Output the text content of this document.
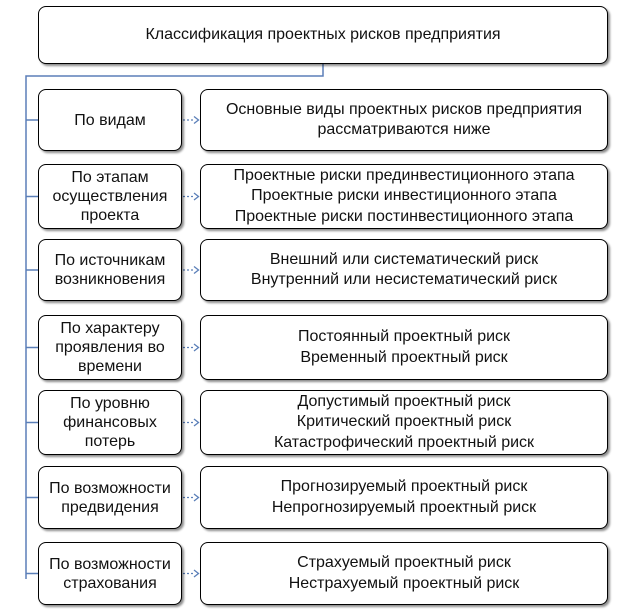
Классификация проектных рисков предприятия
По видам
Основные виды проектных рисков предприятия
рассматриваются ниже
По этапам
осуществления
проекта
Проектные риски прединвестиционного этапа
Проектные риски инвестиционного этапа
Проектные риски постинвестиционного этапа
По источникам
возникновения
Внешний или систематический риск
Внутренний или несистематический риск
По характеру
проявления во
времени
Постоянный проектный риск
Временный проектный риск
По уровню
финансовых
потерь
Допустимый проектный риск
Критический проектный риск
Катастрофический проектный риск
По возможности
предвидения
Прогнозируемый проектный риск
Непрогнозируемый проектный риск
По возможности
страхования
Страхуемый проектный риск
Нестрахуемый проектный риск
